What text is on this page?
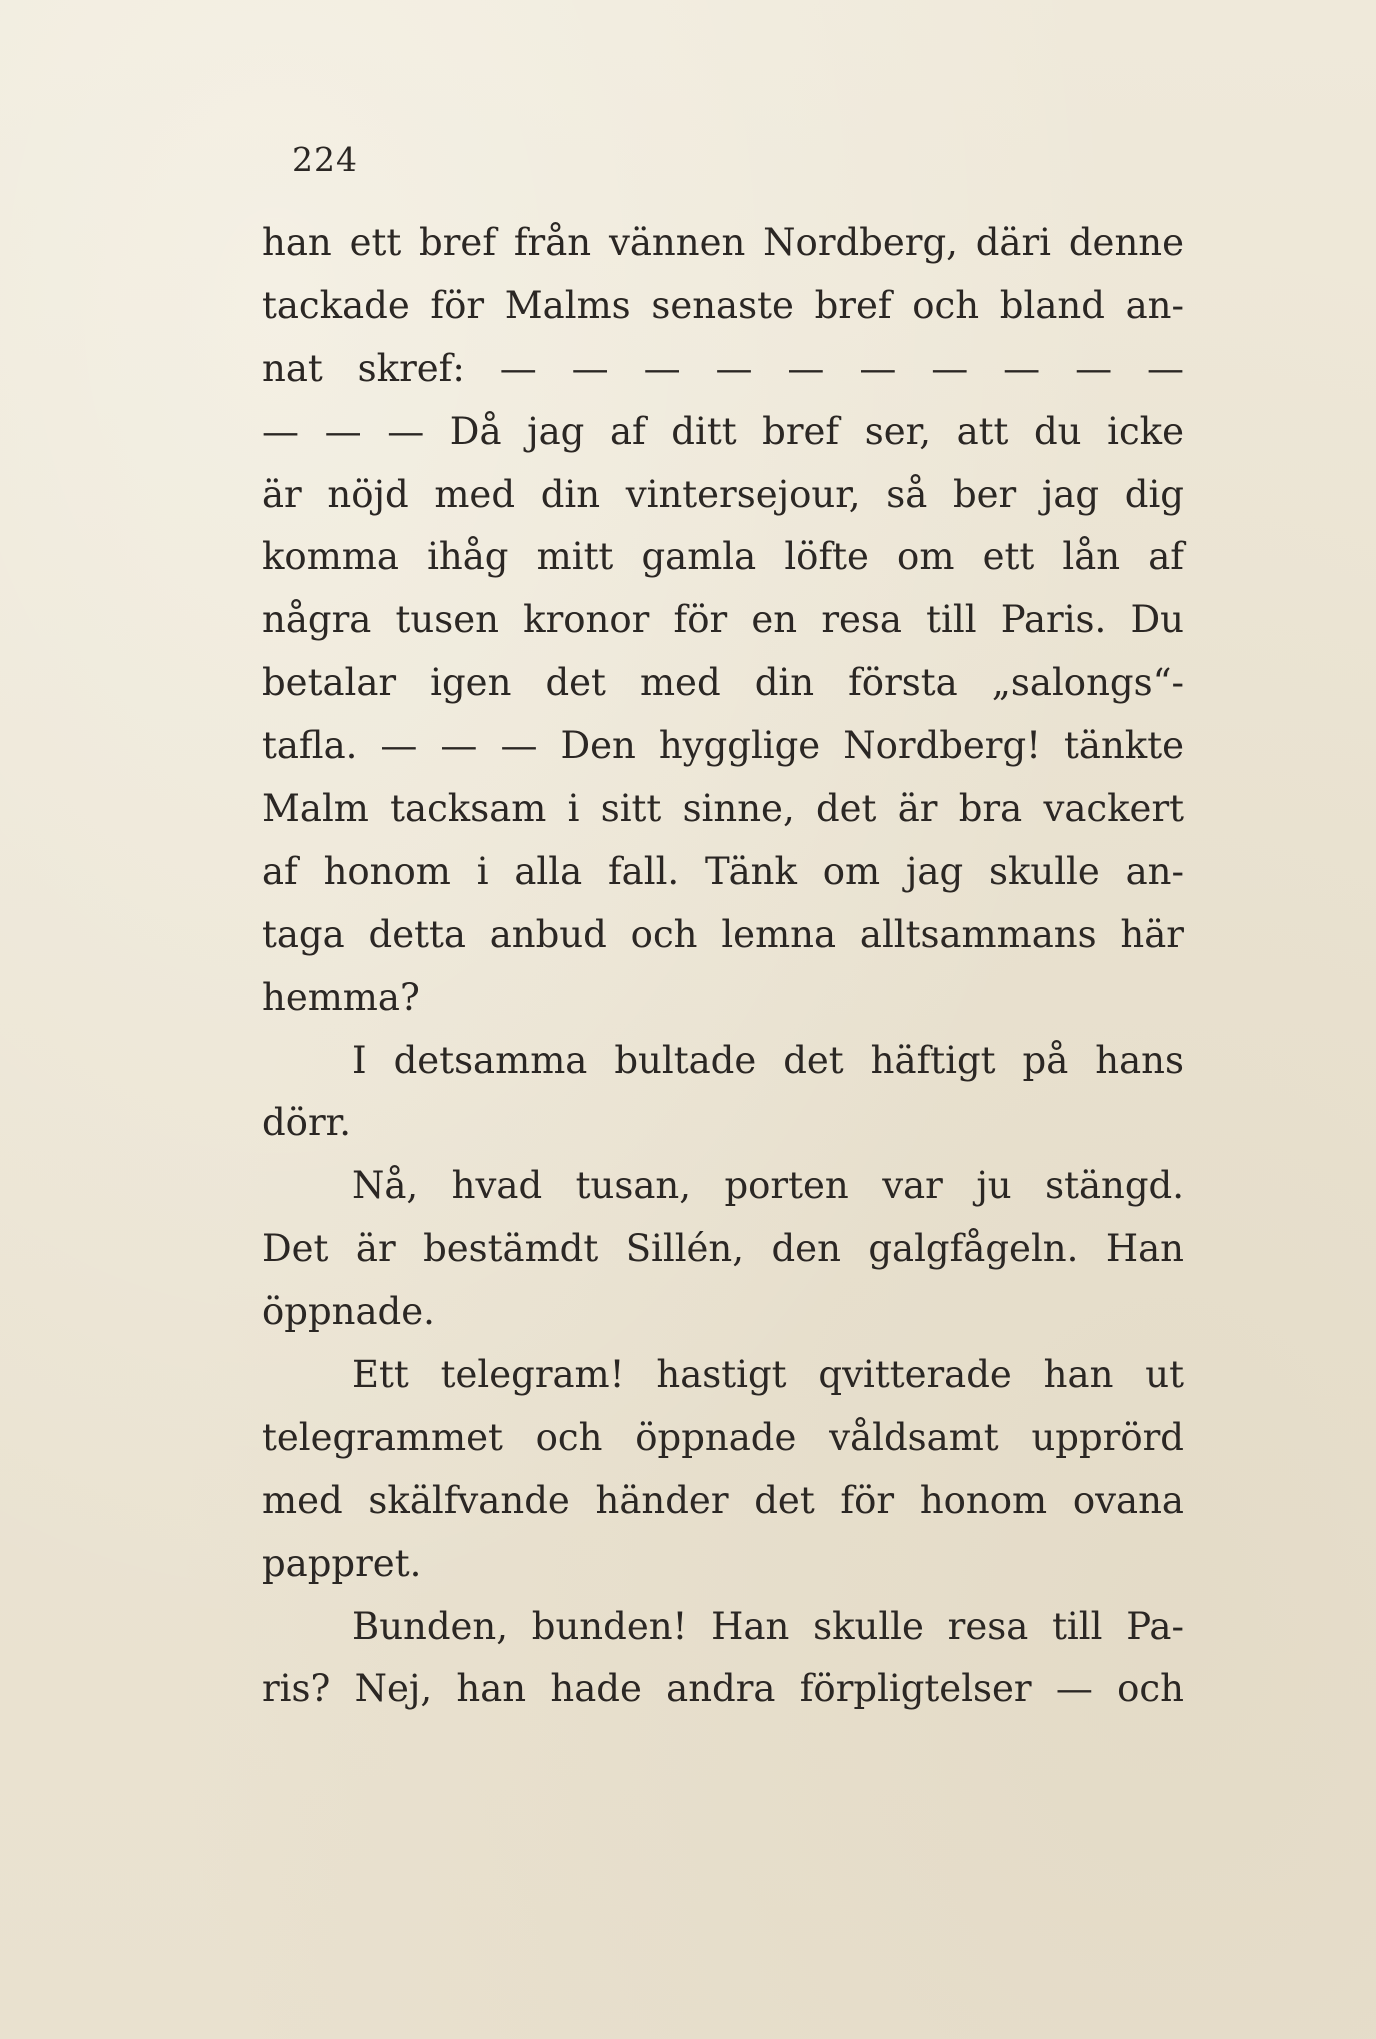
224

han ett bref från vännen Nordberg, däri denne
tackade för Malms senaste bref och bland an-
nat skref: — — — — — — — — — —
— — — Då jag af ditt bref ser, att du icke
är nöjd med din vintersejour, så ber jag dig
komma ihåg mitt gamla löfte om ett lån af
några tusen kronor för en resa till Paris. Du
betalar igen det med din första „salongs“-
tafla. — — — Den hygglige Nordberg! tänkte
Malm tacksam i sitt sinne, det är bra vackert
af honom i alla fall. Tänk om jag skulle an-
taga detta anbud och lemna alltsammans här
hemma?
I detsamma bultade det häftigt på hans
dörr.
Nå, hvad tusan, porten var ju stängd.
Det är bestämdt Sillén, den galgfågeln. Han
öppnade.
Ett telegram! hastigt qvitterade han ut
telegrammet och öppnade våldsamt upprörd
med skälfvande händer det för honom ovana
pappret.
Bunden, bunden! Han skulle resa till Pa-
ris? Nej, han hade andra förpligtelser — och
